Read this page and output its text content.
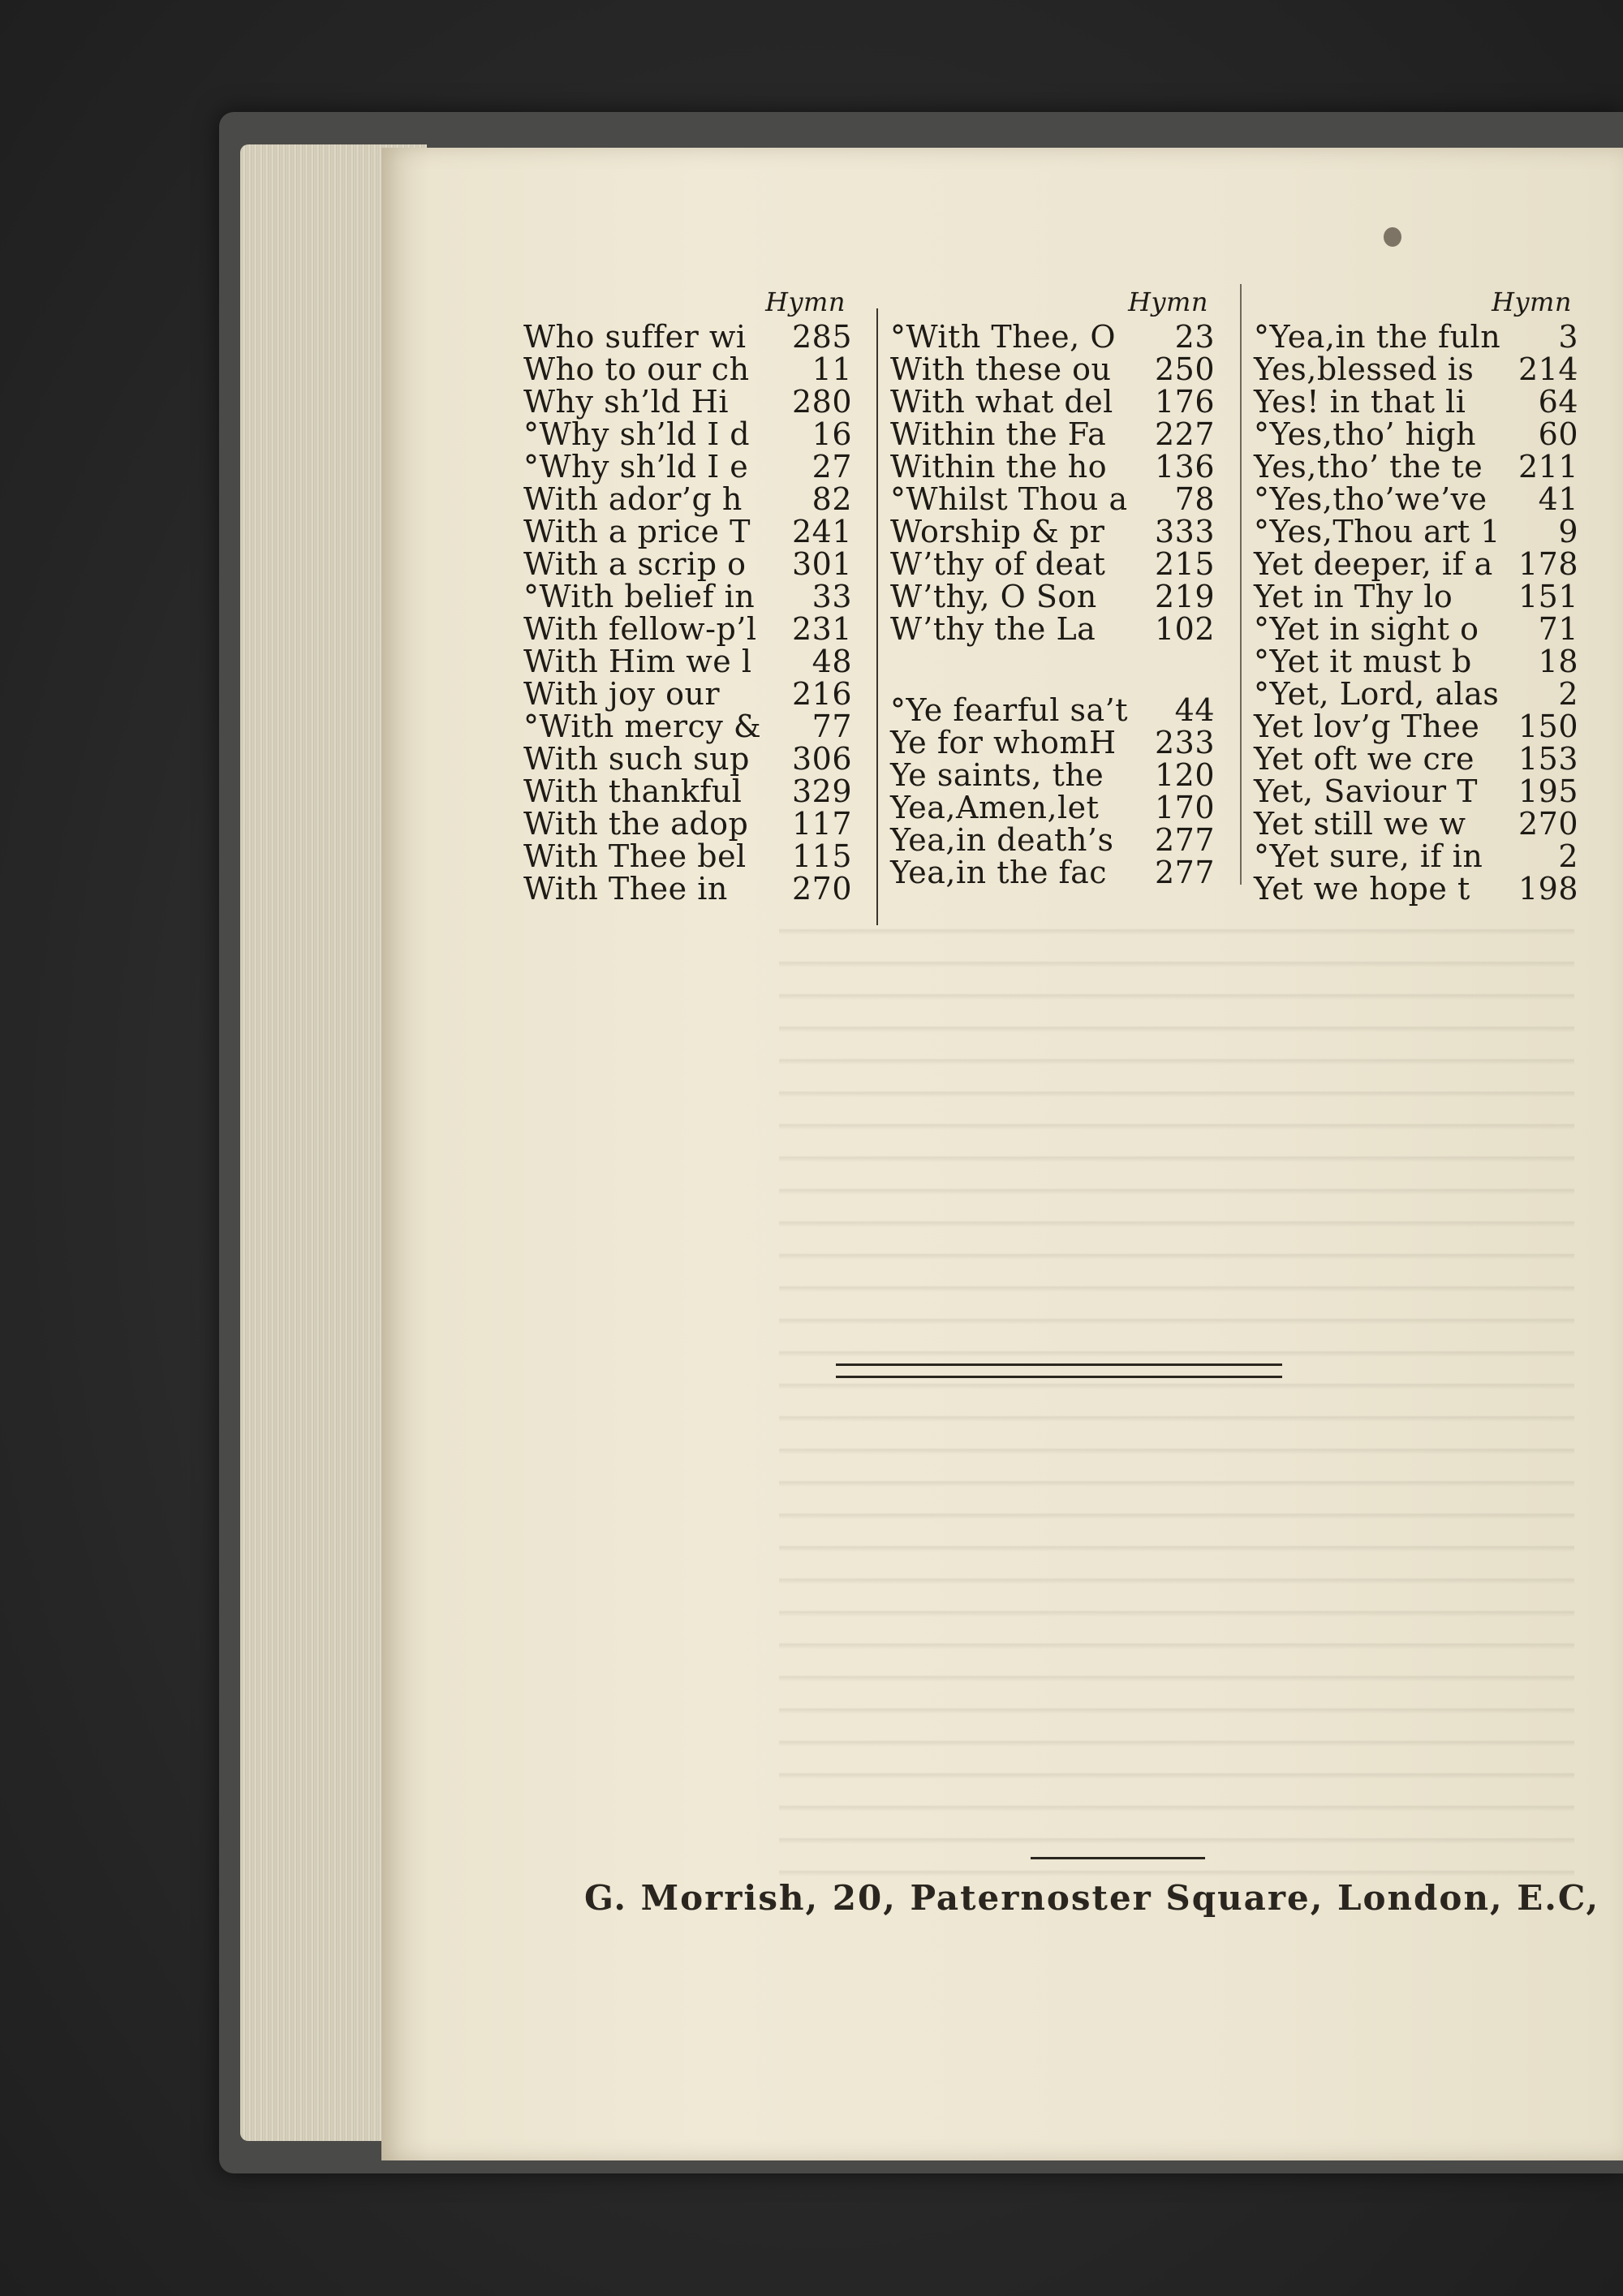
Hymn
Who suffer wi 285
Who to our ch 11
Why sh’ld Hi 280
°Why sh’ld I d 16
°Why sh’ld I e 27
With ador’g h 82
With a price T 241
With a scrip o 301
°With belief in 33
With fellow-p’l 231
With Him we l 48
With joy our 216
°With mercy & 77
With such sup 306
With thankful 329
With the adop 117
With Thee bel 115
With Thee in 270
Hymn
°With Thee, O 23
With these ou 250
With what del 176
Within the Fa 227
Within the ho 136
°Whilst Thou a 78
Worship & pr 333
W’thy of deat 215
W’thy, O Son 219
W’thy the La 102
°Ye fearful sa’t 44
Ye for whomH 233
Ye saints, the 120
Yea,Amen,let 170
Yea,in death’s 277
Yea,in the fac 277
Hymn
°Yea,in the fuln 3
Yes,blessed is 214
Yes! in that li 64
°Yes,tho’ high 60
Yes,tho’ the te 211
°Yes,tho’we’ve 41
°Yes,Thou art 1 9
Yet deeper, if a 178
Yet in Thy lo 151
°Yet in sight o 71
°Yet it must b 18
°Yet, Lord, alas 2
Yet lov’g Thee 150
Yet oft we cre 153
Yet, Saviour T 195
Yet still we w 270
°Yet sure, if in 2
Yet we hope t 198
G. Morrish, 20, Paternoster Square, London, E.C,
